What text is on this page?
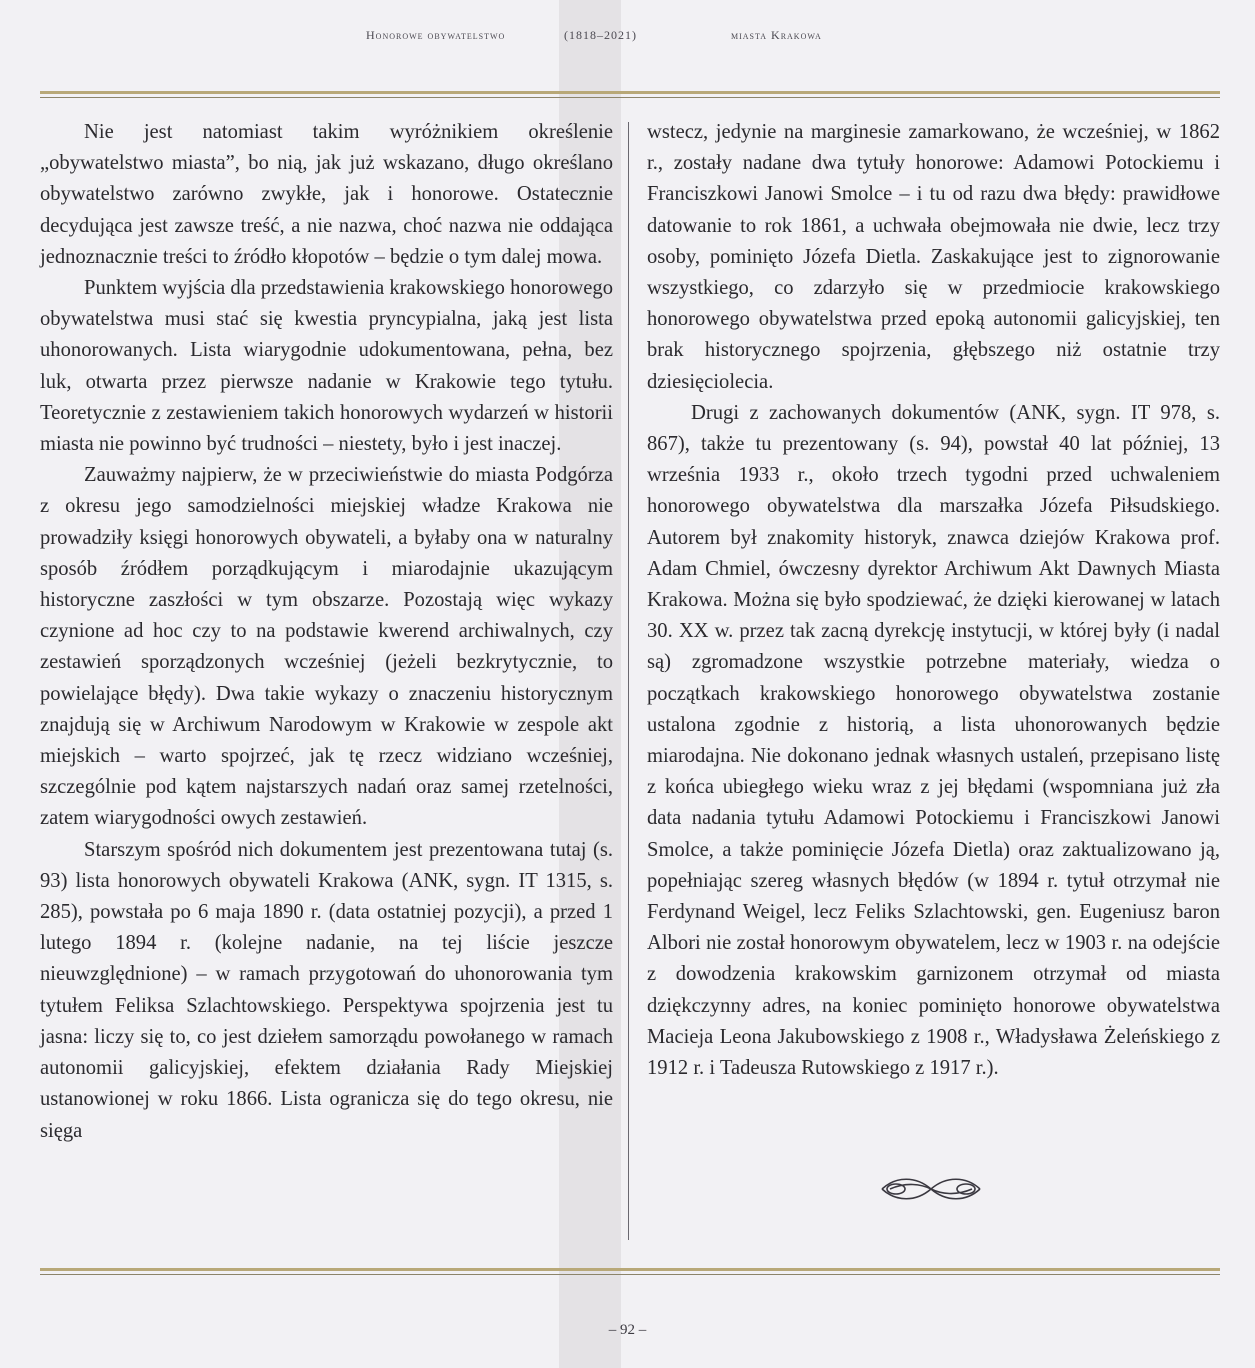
Honorowe obywatelstwo	(1818–2021)	miasta Krakowa

Nie jest natomiast takim wyróżnikiem określenie „obywatelstwo miasta”, bo nią, jak już wskazano, długo określano obywatelstwo zarówno zwykłe, jak i honorowe. Ostatecznie decydująca jest zawsze treść, a nie nazwa, choć nazwa nie oddająca jednoznacznie treści to źródło kłopotów – będzie o tym dalej mowa.

Punktem wyjścia dla przedstawienia krakowskiego honorowego obywatelstwa musi stać się kwestia pryncypialna, jaką jest lista uhonorowanych. Lista wiarygodnie udokumentowana, pełna, bez luk, otwarta przez pierwsze nadanie w Krakowie tego tytułu. Teoretycznie z zestawieniem takich honorowych wydarzeń w historii miasta nie powinno być trudności – niestety, było i jest inaczej.

Zauważmy najpierw, że w przeciwieństwie do miasta Podgórza z okresu jego samodzielności miejskiej władze Krakowa nie prowadziły księgi honorowych obywateli, a byłaby ona w naturalny sposób źródłem porządkującym i miarodajnie ukazującym historyczne zaszłości w tym obszarze. Pozostają więc wykazy czynione ad hoc czy to na podstawie kwerend archiwalnych, czy zestawień sporządzonych wcześniej (jeżeli bezkrytycznie, to powielające błędy). Dwa takie wykazy o znaczeniu historycznym znajdują się w Archiwum Narodowym w Krakowie w zespole akt miejskich – warto spojrzeć, jak tę rzecz widziano wcześniej, szczególnie pod kątem najstarszych nadań oraz samej rzetelności, zatem wiarygodności owych zestawień.

Starszym spośród nich dokumentem jest prezentowana tutaj (s. 93) lista honorowych obywateli Krakowa (ANK, sygn. IT 1315, s. 285), powstała po 6 maja 1890 r. (data ostatniej pozycji), a przed 1 lutego 1894 r. (kolejne nadanie, na tej liście jeszcze nieuwzględnione) – w ramach przygotowań do uhonorowania tym tytułem Feliksa Szlachtowskiego. Perspektywa spojrzenia jest tu jasna: liczy się to, co jest dziełem samorządu powołanego w ramach autonomii galicyjskiej, efektem działania Rady Miejskiej ustanowionej w roku 1866. Lista ogranicza się do tego okresu, nie sięga

wstecz, jedynie na marginesie zamarkowano, że wcześniej, w 1862 r., zostały nadane dwa tytuły honorowe: Adamowi Potockiemu i Franciszkowi Janowi Smolce – i tu od razu dwa błędy: prawidłowe datowanie to rok 1861, a uchwała obejmowała nie dwie, lecz trzy osoby, pominięto Józefa Dietla. Zaskakujące jest to zignorowanie wszystkiego, co zdarzyło się w przedmiocie krakowskiego honorowego obywatelstwa przed epoką autonomii galicyjskiej, ten brak historycznego spojrzenia, głębszego niż ostatnie trzy dziesięciolecia.

Drugi z zachowanych dokumentów (ANK, sygn. IT 978, s. 867), także tu prezentowany (s. 94), powstał 40 lat później, 13 września 1933 r., około trzech tygodni przed uchwaleniem honorowego obywatelstwa dla marszałka Józefa Piłsudskiego. Autorem był znakomity historyk, znawca dziejów Krakowa prof. Adam Chmiel, ówczesny dyrektor Archiwum Akt Dawnych Miasta Krakowa. Można się było spodziewać, że dzięki kierowanej w latach 30. XX w. przez tak zacną dyrekcję instytucji, w której były (i nadal są) zgromadzone wszystkie potrzebne materiały, wiedza o początkach krakowskiego honorowego obywatelstwa zostanie ustalona zgodnie z historią, a lista uhonorowanych będzie miarodajna. Nie dokonano jednak własnych ustaleń, przepisano listę z końca ubiegłego wieku wraz z jej błędami (wspomniana już zła data nadania tytułu Adamowi Potockiemu i Franciszkowi Janowi Smolce, a także pominięcie Józefa Dietla) oraz zaktualizowano ją, popełniając szereg własnych błędów (w 1894 r. tytuł otrzymał nie Ferdynand Weigel, lecz Feliks Szlachtowski, gen. Eugeniusz baron Albori nie został honorowym obywatelem, lecz w 1903 r. na odejście z dowodzenia krakowskim garnizonem otrzymał od miasta dziękczynny adres, na koniec pominięto honorowe obywatelstwa Macieja Leona Jakubowskiego z 1908 r., Władysława Żeleńskiego z 1912 r. i Tadeusza Rutowskiego z 1917 r.).

– 92 –
